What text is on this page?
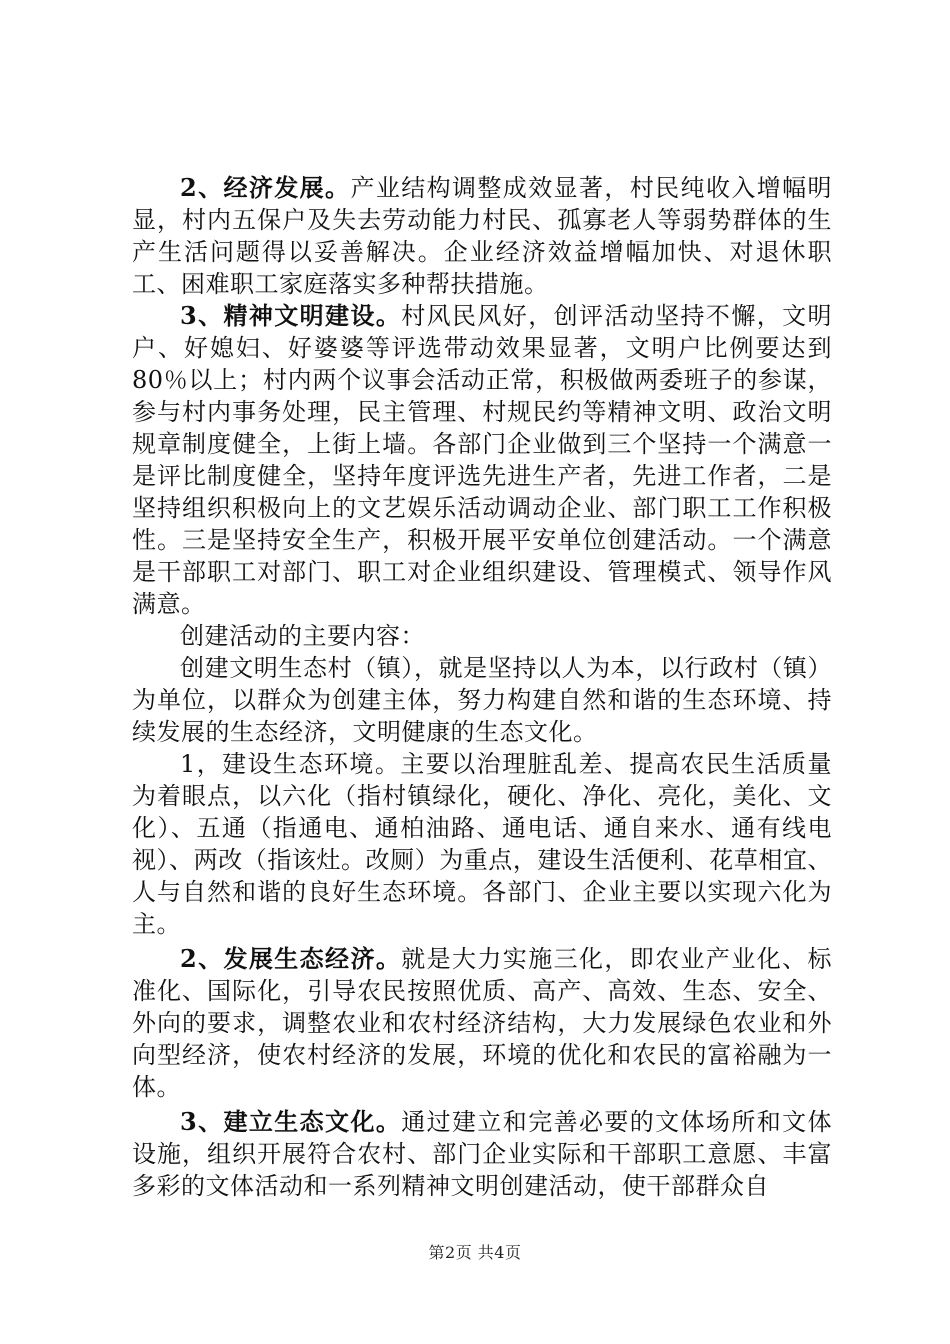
2、经济发展。产业结构调整成效显著，村民纯收入增幅明显，村内五保户及失去劳动能力村民、孤寡老人等弱势群体的生产生活问题得以妥善解决。企业经济效益增幅加快、对退休职工、困难职工家庭落实多种帮扶措施。

3、精神文明建设。村风民风好，创评活动坚持不懈，文明户、好媳妇、好婆婆等评选带动效果显著，文明户比例要达到80％以上；村内两个议事会活动正常，积极做两委班子的参谋，参与村内事务处理，民主管理、村规民约等精神文明、政治文明规章制度健全，上街上墙。各部门企业做到三个坚持一个满意一是评比制度健全，坚持年度评选先进生产者，先进工作者，二是坚持组织积极向上的文艺娱乐活动调动企业、部门职工工作积极性。三是坚持安全生产，积极开展平安单位创建活动。一个满意是干部职工对部门、职工对企业组织建设、管理模式、领导作风满意。

创建活动的主要内容：

创建文明生态村（镇），就是坚持以人为本，以行政村（镇）为单位，以群众为创建主体，努力构建自然和谐的生态环境、持续发展的生态经济，文明健康的生态文化。

1，建设生态环境。主要以治理脏乱差、提高农民生活质量为着眼点，以六化（指村镇绿化，硬化、净化、亮化，美化、文化）、五通（指通电、通柏油路、通电话、通自来水、通有线电视）、两改（指该灶。改厕）为重点，建设生活便利、花草相宜、人与自然和谐的良好生态环境。各部门、企业主要以实现六化为主。

2、发展生态经济。就是大力实施三化，即农业产业化、标准化、国际化，引导农民按照优质、高产、高效、生态、安全、外向的要求，调整农业和农村经济结构，大力发展绿色农业和外向型经济，使农村经济的发展，环境的优化和农民的富裕融为一体。

3、建立生态文化。通过建立和完善必要的文体场所和文体设施，组织开展符合农村、部门企业实际和干部职工意愿、丰富多彩的文体活动和一系列精神文明创建活动，使干部群众自

第2页 共4页
